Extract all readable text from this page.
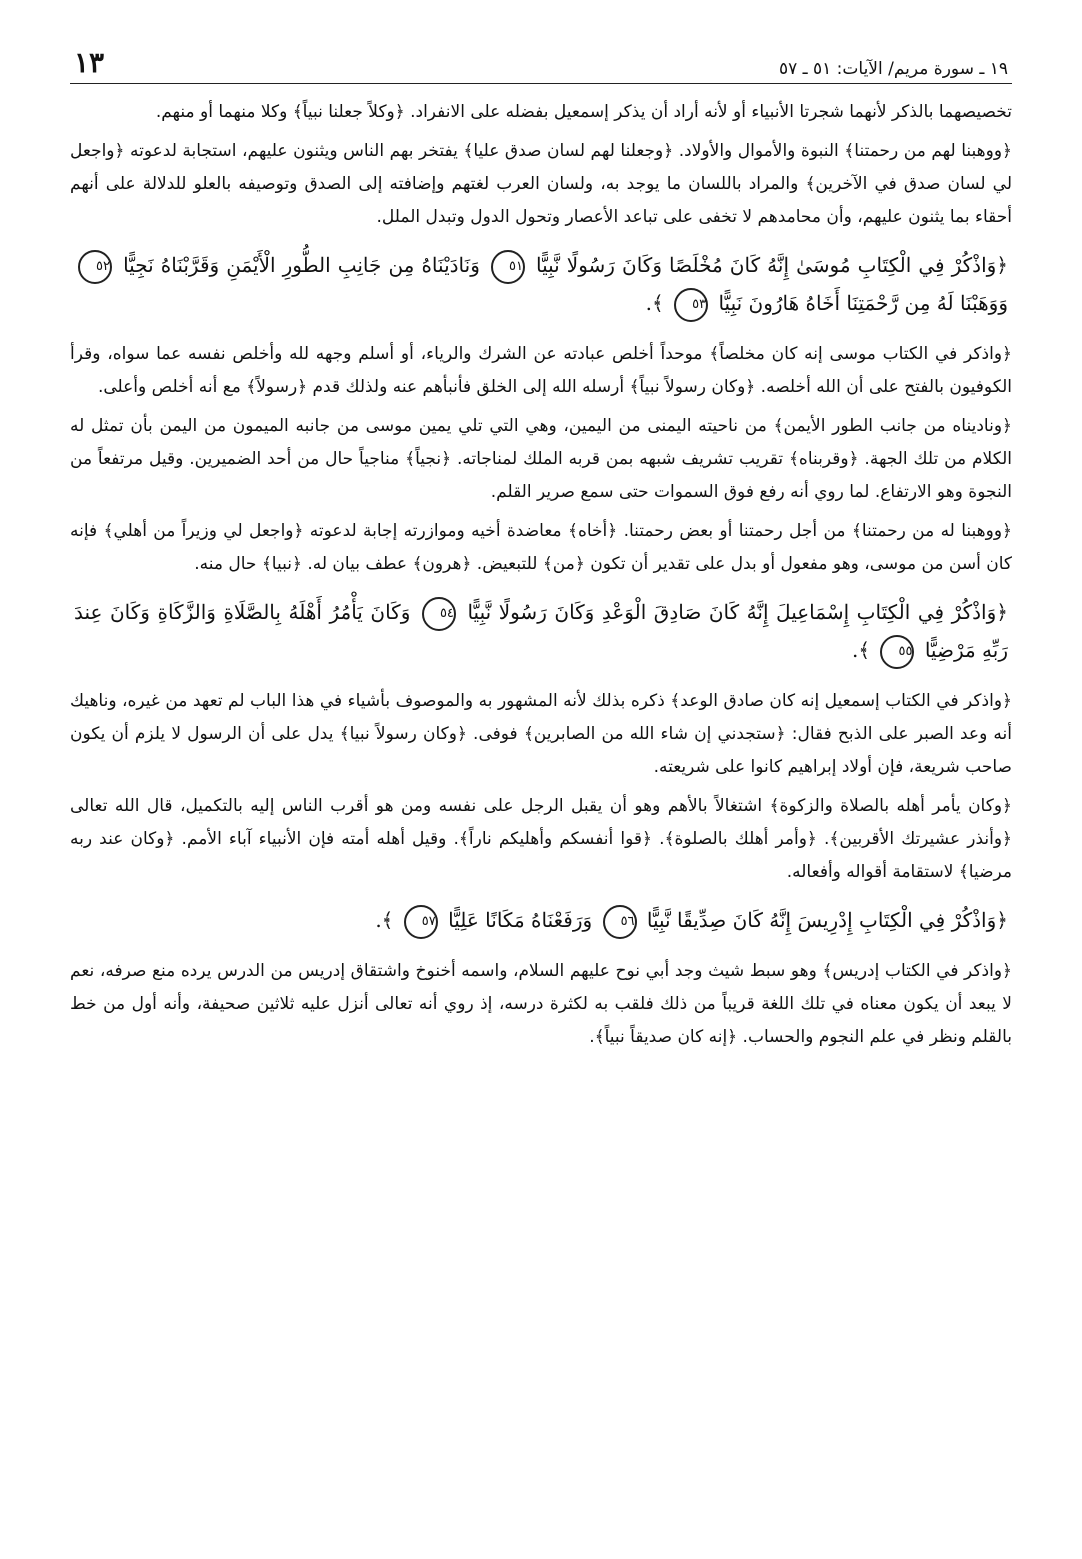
١٩ ـ سورة مريم/ الآيات: ٥١ ـ ٥٧
١٣

تخصيصهما بالذكر لأنهما شجرتا الأنبياء أو لأنه أراد أن يذكر إسمعيل بفضله على الانفراد. ﴿وكلاً جعلنا نبياً﴾ وكلا منهما أو منهم.

﴿ووهبنا لهم من رحمتنا﴾ النبوة والأموال والأولاد. ﴿وجعلنا لهم لسان صدق عليا﴾ يفتخر بهم الناس ويثنون عليهم، استجابة لدعوته ﴿واجعل لي لسان صدق في الآخرين﴾ والمراد باللسان ما يوجد به، ولسان العرب لغتهم وإضافته إلى الصدق وتوصيفه بالعلو للدلالة على أنهم أحقاء بما يثنون عليهم، وأن محامدهم لا تخفى على تباعد الأعصار وتحول الدول وتبدل الملل.

﴿وَاذْكُرْ فِي الْكِتَابِ مُوسَىٰ إِنَّهُ كَانَ مُخْلَصًا وَكَانَ رَسُولًا نَّبِيًّا ٥١ وَنَادَيْنَاهُ مِن جَانِبِ الطُّورِ الْأَيْمَنِ وَقَرَّبْنَاهُ نَجِيًّا ٥٢ وَوَهَبْنَا لَهُ مِن رَّحْمَتِنَا أَخَاهُ هَارُونَ نَبِيًّا ٥٣ ﴾.

﴿واذكر في الكتاب موسى إنه كان مخلصاً﴾ موحداً أخلص عبادته عن الشرك والرياء، أو أسلم وجهه لله وأخلص نفسه عما سواه، وقرأ الكوفيون بالفتح على أن الله أخلصه. ﴿وكان رسولاً نبياً﴾ أرسله الله إلى الخلق فأنبأهم عنه ولذلك قدم ﴿رسولاً﴾ مع أنه أخلص وأعلى.

﴿وناديناه من جانب الطور الأيمن﴾ من ناحيته اليمنى من اليمين، وهي التي تلي يمين موسى من جانبه الميمون من اليمن بأن تمثل له الكلام من تلك الجهة. ﴿وقربناه﴾ تقريب تشريف شبهه بمن قربه الملك لمناجاته. ﴿نجياً﴾ مناجياً حال من أحد الضميرين. وقيل مرتفعاً من النجوة وهو الارتفاع. لما روي أنه رفع فوق السموات حتى سمع صرير القلم.

﴿ووهبنا له من رحمتنا﴾ من أجل رحمتنا أو بعض رحمتنا. ﴿أخاه﴾ معاضدة أخيه وموازرته إجابة لدعوته ﴿واجعل لي وزيراً من أهلي﴾ فإنه كان أسن من موسى، وهو مفعول أو بدل على تقدير أن تكون ﴿من﴾ للتبعيض. ﴿هرون﴾ عطف بيان له. ﴿نبيا﴾ حال منه.

﴿وَاذْكُرْ فِي الْكِتَابِ إِسْمَاعِيلَ إِنَّهُ كَانَ صَادِقَ الْوَعْدِ وَكَانَ رَسُولًا نَّبِيًّا ٥٤ وَكَانَ يَأْمُرُ أَهْلَهُ بِالصَّلَاةِ وَالزَّكَاةِ وَكَانَ عِندَ رَبِّهِ مَرْضِيًّا ٥٥ ﴾.

﴿واذكر في الكتاب إسمعيل إنه كان صادق الوعد﴾ ذكره بذلك لأنه المشهور به والموصوف بأشياء في هذا الباب لم تعهد من غيره، وناهيك أنه وعد الصبر على الذبح فقال: ﴿ستجدني إن شاء الله من الصابرين﴾ فوفى. ﴿وكان رسولاً نبيا﴾ يدل على أن الرسول لا يلزم أن يكون صاحب شريعة، فإن أولاد إبراهيم كانوا على شريعته.

﴿وكان يأمر أهله بالصلاة والزكوة﴾ اشتغالاً بالأهم وهو أن يقبل الرجل على نفسه ومن هو أقرب الناس إليه بالتكميل، قال الله تعالى ﴿وأنذر عشيرتك الأقربين﴾. ﴿وأمر أهلك بالصلوة﴾. ﴿قوا أنفسكم وأهليكم ناراً﴾. وقيل أهله أمته فإن الأنبياء آباء الأمم. ﴿وكان عند ربه مرضيا﴾ لاستقامة أقواله وأفعاله.

﴿وَاذْكُرْ فِي الْكِتَابِ إِدْرِيسَ إِنَّهُ كَانَ صِدِّيقًا نَّبِيًّا ٥٦ وَرَفَعْنَاهُ مَكَانًا عَلِيًّا ٥٧ ﴾.

﴿واذكر في الكتاب إدريس﴾ وهو سبط شيث وجد أبي نوح عليهم السلام، واسمه أخنوخ واشتقاق إدريس من الدرس يرده منع صرفه، نعم لا يبعد أن يكون معناه في تلك اللغة قريباً من ذلك فلقب به لكثرة درسه، إذ روي أنه تعالى أنزل عليه ثلاثين صحيفة، وأنه أول من خط بالقلم ونظر في علم النجوم والحساب. ﴿إنه كان صديقاً نبياً﴾.
